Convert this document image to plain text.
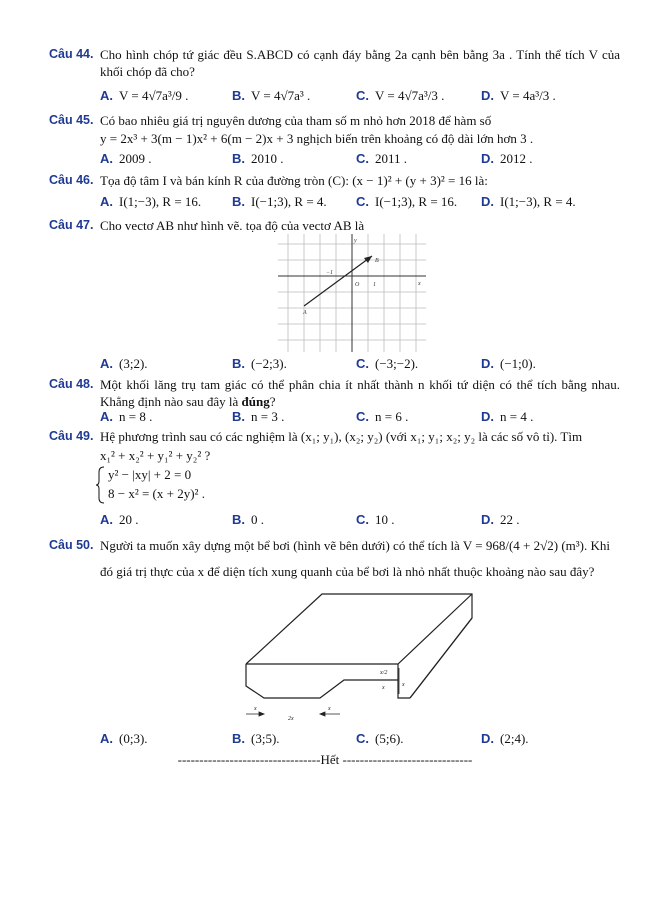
Câu 44. Cho hình chóp tứ giác đều S.ABCD có cạnh đáy bằng 2a cạnh bên bằng 3a . Tính thể tích V của khối chóp đã cho?
A. V = 4√7a³/9 .	B. V = 4√7a³ .	C. V = 4√7a³/3 .	D. V = 4a³/3 .
Câu 45. Có bao nhiêu giá trị nguyên dương của tham số m nhỏ hơn 2018 để hàm số
y = 2x³ + 3(m − 1)x² + 6(m − 2)x + 3 nghịch biến trên khoảng có độ dài lớn hơn 3 .
A. 2009 .	B. 2010 .	C. 2011 .	D. 2012 .
Câu 46. Tọa độ tâm I và bán kính R của đường tròn (C): (x − 1)² + (y + 3)² = 16 là:
A. I(1;−3), R = 16. B. I(−1;3), R = 4. C. I(−1;3), R = 16. D. I(1;−3), R = 4.
Câu 47. Cho vectơ AB như hình vẽ. tọa độ của vectơ AB là
y
x
O 1
−1
A
B
A. (3;2).	B. (−2;3).	C. (−3;−2).	D. (−1;0).
Câu 48. Một khối lăng trụ tam giác có thể phân chia ít nhất thành n khối tứ diện có thể tích bằng nhau. Khẳng định nào sau đây là đúng?
A. n = 8 .	B. n = 3 .	C. n = 6 .	D. n = 4 .
Câu 49. Hệ phương trình sau có các nghiệm là (x₁; y₁), (x₂; y₂) (với x₁; y₁; x₂; y₂ là các số vô tỉ). Tìm
x₁² + x₂² + y₁² + y₂² ?
y² − |xy| + 2 = 0
8 − x² = (x + 2y)² .
A. 20 .	B. 0 .	C. 10 .	D. 22 .
Câu 50. Người ta muốn xây dựng một bể bơi (hình vẽ bên dưới) có thể tích là V = 968/(4 + 2√2) (m³). Khi
đó giá trị thực của x để diện tích xung quanh của bể bơi là nhỏ nhất thuộc khoảng nào sau đây?
x	x
2x
x/2
x	x
A. (0;3).	B. (3;5).	C. (5;6).	D. (2;4).
---------------------------------Hết ------------------------------
